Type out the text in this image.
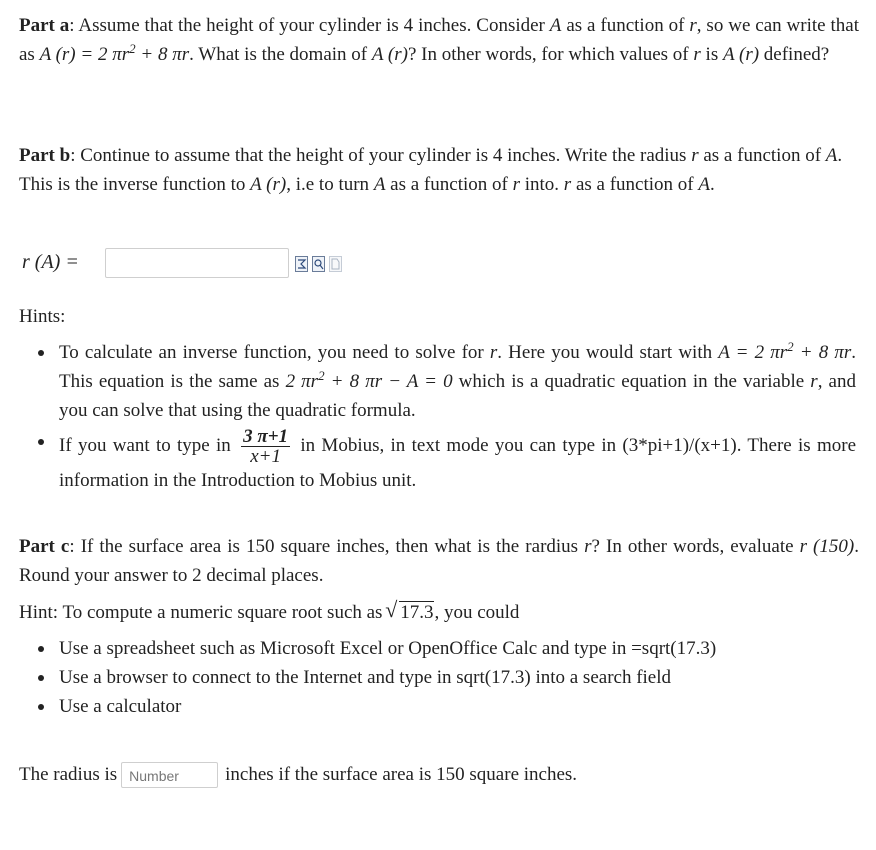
Part a: Assume that the height of your cylinder is 4 inches. Consider A as a function of r, so we can write that as A (r) = 2 $\pi r^2 + 8$ πr. What is the domain of A (r)? In other words, for which values of r is A (r) defined?
Part b: Continue to assume that the height of your cylinder is 4 inches. Write the radius r as a function of A. This is the inverse function to A (r), i.e to turn A as a function of r into. r as a function of A.
r (A) =
Hints:
To calculate an inverse function, you need to solve for r. Here you would start with A = 2 $\pi r^2 + 8$ πr. This equation is the same as 2 $\pi r^2 + 8$ πr − A = 0 which is a quadratic equation in the variable r, and you can solve that using the quadratic formula.
If you want to type in $\frac{3 \pi+1}{x+1}$ in Mobius, in text mode you can type in (3*pi+1)/(x+1). There is more information in the Introduction to Mobius unit.
Part c: If the surface area is 150 square inches, then what is the rardius r? In other words, evaluate r (150). Round your answer to 2 decimal places.
Hint: To compute a numeric square root such as √ 17.3, you could
Use a spreadsheet such as Microsoft Excel or OpenOffice Calc and type in =sqrt(17.3)
Use a browser to connect to the Internet and type in sqrt(17.3) into a search field
Use a calculator
The radius is Number inches if the surface area is 150 square inches.
